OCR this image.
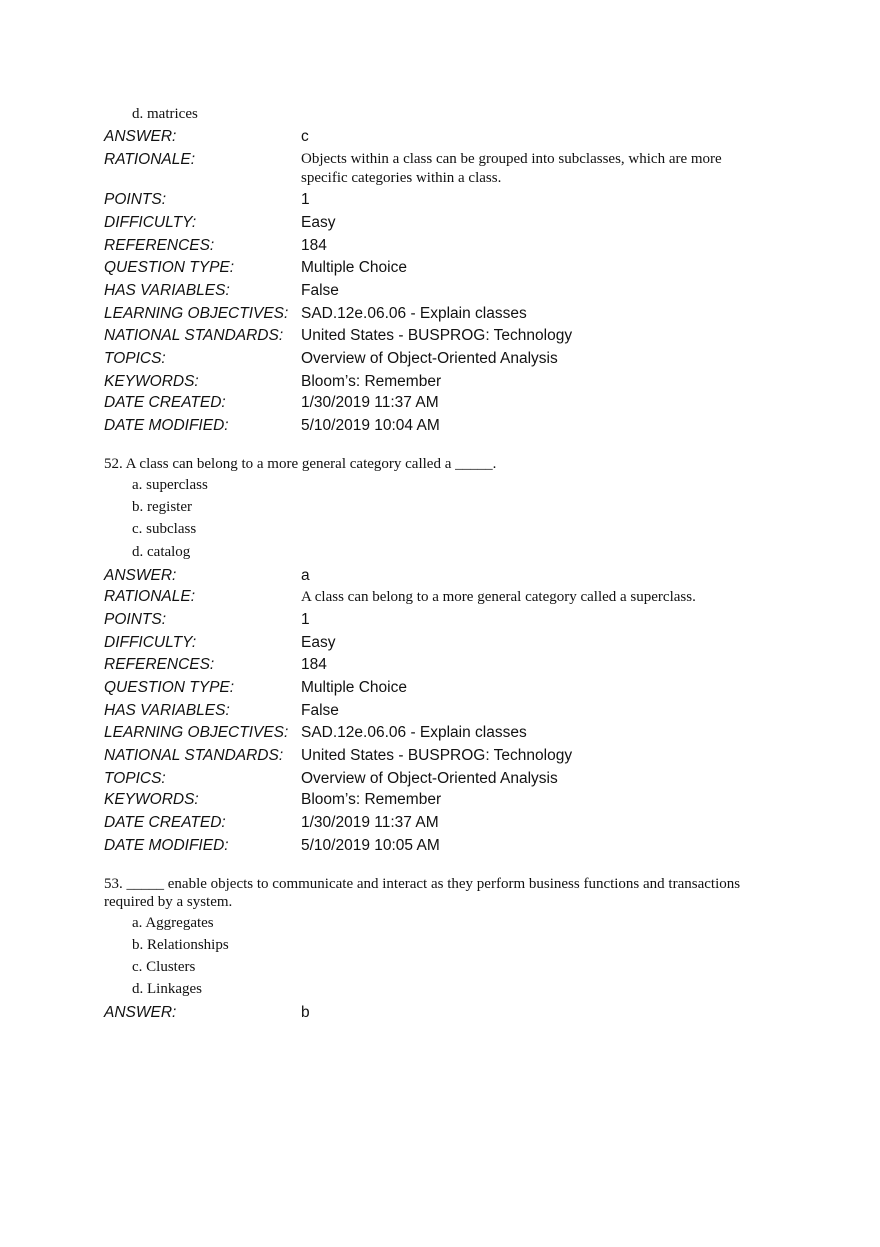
d. matrices
ANSWER:	c
RATIONALE:	Objects within a class can be grouped into subclasses, which are more
specific categories within a class.
POINTS:	1
DIFFICULTY:	Easy
REFERENCES:	184
QUESTION TYPE:	Multiple Choice
HAS VARIABLES:	False
LEARNING OBJECTIVES: SAD.12e.06.06 - Explain classes
NATIONAL STANDARDS: United States - BUSPROG: Technology
TOPICS:	Overview of Object-Oriented Analysis
KEYWORDS:	Bloom’s: Remember
DATE CREATED:	1/30/2019 11:37 AM
DATE MODIFIED:	5/10/2019 10:04 AM
52. A class can belong to a more general category called a _____.
a. superclass
b. register
c. subclass
d. catalog
ANSWER:	a
RATIONALE:	A class can belong to a more general category called a superclass.
POINTS:	1
DIFFICULTY:	Easy
REFERENCES:	184
QUESTION TYPE:	Multiple Choice
HAS VARIABLES:	False
LEARNING OBJECTIVES: SAD.12e.06.06 - Explain classes
NATIONAL STANDARDS: United States - BUSPROG: Technology
TOPICS:	Overview of Object-Oriented Analysis
KEYWORDS:	Bloom’s: Remember
DATE CREATED:	1/30/2019 11:37 AM
DATE MODIFIED:	5/10/2019 10:05 AM
53. _____ enable objects to communicate and interact as they perform business functions and transactions
required by a system.
a. Aggregates
b. Relationships
c. Clusters
d. Linkages
ANSWER:	b
